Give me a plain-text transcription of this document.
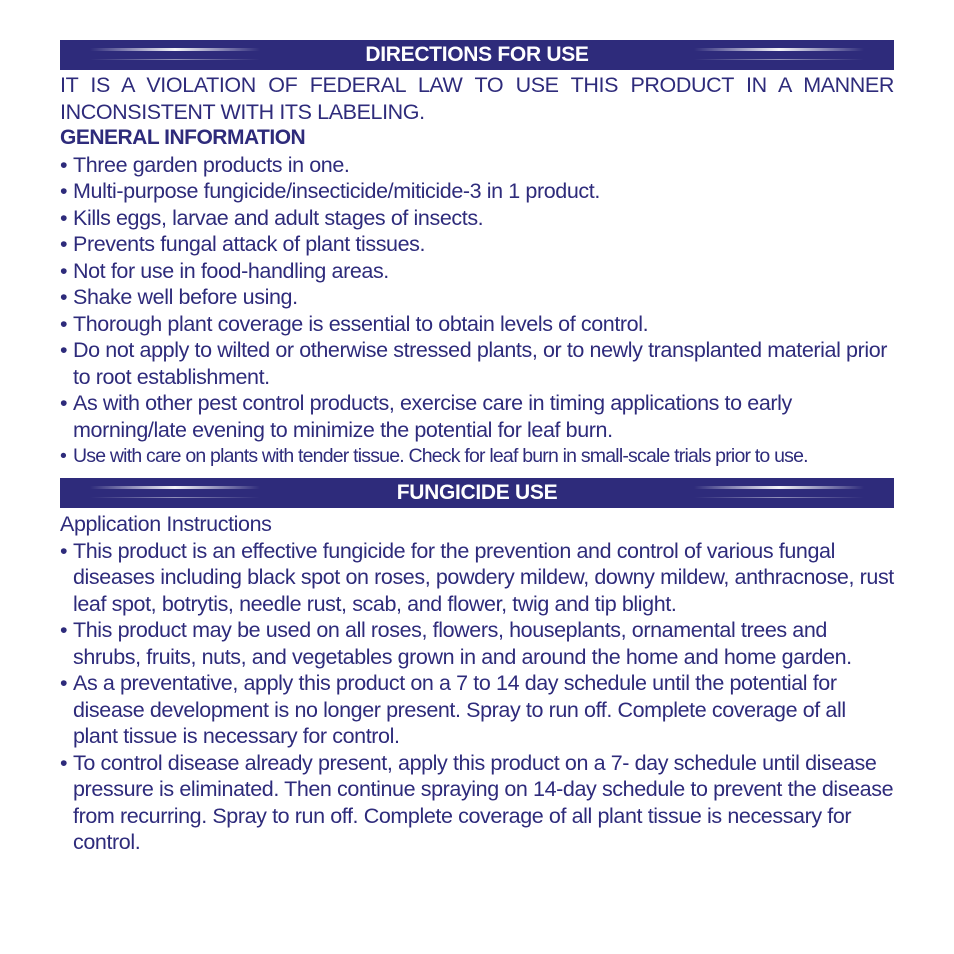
DIRECTIONS FOR USE
IT IS A VIOLATION OF FEDERAL LAW TO USE THIS PRODUCT IN A MANNER
INCONSISTENT WITH ITS LABELING.
GENERAL INFORMATION
• Three garden products in one.
• Multi-purpose fungicide/insecticide/miticide-3 in 1 product.
• Kills eggs, larvae and adult stages of insects.
• Prevents fungal attack of plant tissues.
• Not for use in food-handling areas.
• Shake well before using.
• Thorough plant coverage is essential to obtain levels of control.
• Do not apply to wilted or otherwise stressed plants, or to newly transplanted material prior to root establishment.
• As with other pest control products, exercise care in timing applications to early morning/late evening to minimize the potential for leaf burn.
• Use with care on plants with tender tissue. Check for leaf burn in small-scale trials prior to use.
FUNGICIDE USE
Application Instructions
• This product is an effective fungicide for the prevention and control of various fungal diseases including black spot on roses, powdery mildew, downy mildew, anthracnose, rust leaf spot, botrytis, needle rust, scab, and flower, twig and tip blight.
• This product may be used on all roses, flowers, houseplants, ornamental trees and shrubs, fruits, nuts, and vegetables grown in and around the home and home garden.
• As a preventative, apply this product on a 7 to 14 day schedule until the potential for disease development is no longer present. Spray to run off. Complete coverage of all plant tissue is necessary for control.
• To control disease already present, apply this product on a 7- day schedule until disease pressure is eliminated. Then continue spraying on 14-day schedule to prevent the disease from recurring. Spray to run off. Complete coverage of all plant tissue is necessary for control.
